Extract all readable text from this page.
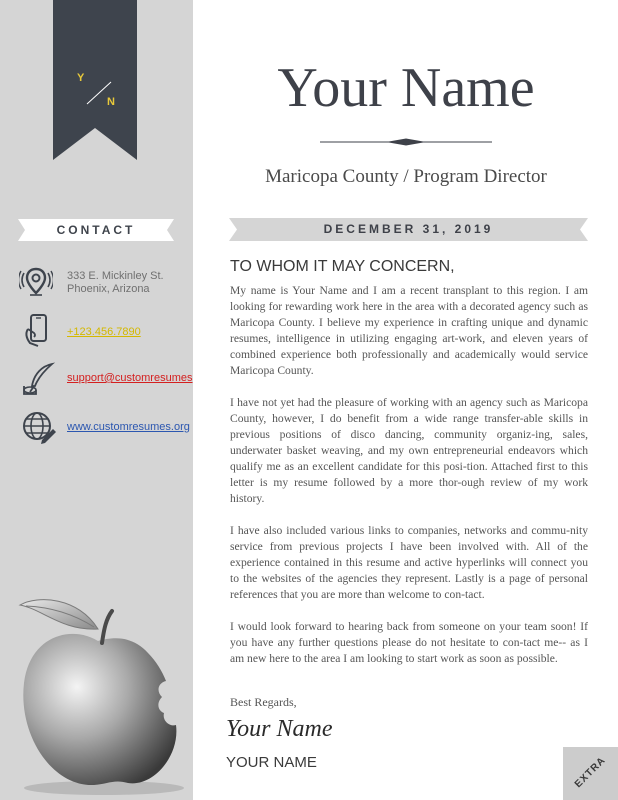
Y
N
CONTACT
333 E. Mickinley St.
Phoenix, Arizona
+123.456.7890
support@customresumes
www.customresumes.org
Your Name
Maricopa County / Program Director
DECEMBER 31, 2019
TO WHOM IT MAY CONCERN,

My name is Your Name and I am a recent transplant to this region. I am looking for rewarding work here in the area with a decorated agency such as Maricopa County. I believe my experience in crafting unique and dynamic resumes, intelligence in utilizing engaging art-work, and eleven years of combined experience both professionally and academically would service Maricopa County.

I have not yet had the pleasure of working with an agency such as Maricopa County, however, I do benefit from a wide range transfer-able skills in previous positions of disco dancing, community organiz-ing, sales, underwater basket weaving, and my own entrepreneurial endeavors which qualify me as an excellent candidate for this posi-tion. Attached first to this letter is my resume followed by a more thor-ough review of my work history.

I have also included various links to companies, networks and commu-nity service from previous projects I have been involved with. All of the experience contained in this resume and active hyperlinks will connect you to the websites of the agencies they represent. Lastly is a page of personal references that you are more than welcome to con-tact.

I would look forward to hearing back from someone on your team soon! If you have any further questions please do not hesitate to con-tact me-- as I am new here to the area I am looking to start work as soon as possible.

Best Regards,
Your Name
YOUR NAME	EXTRA
